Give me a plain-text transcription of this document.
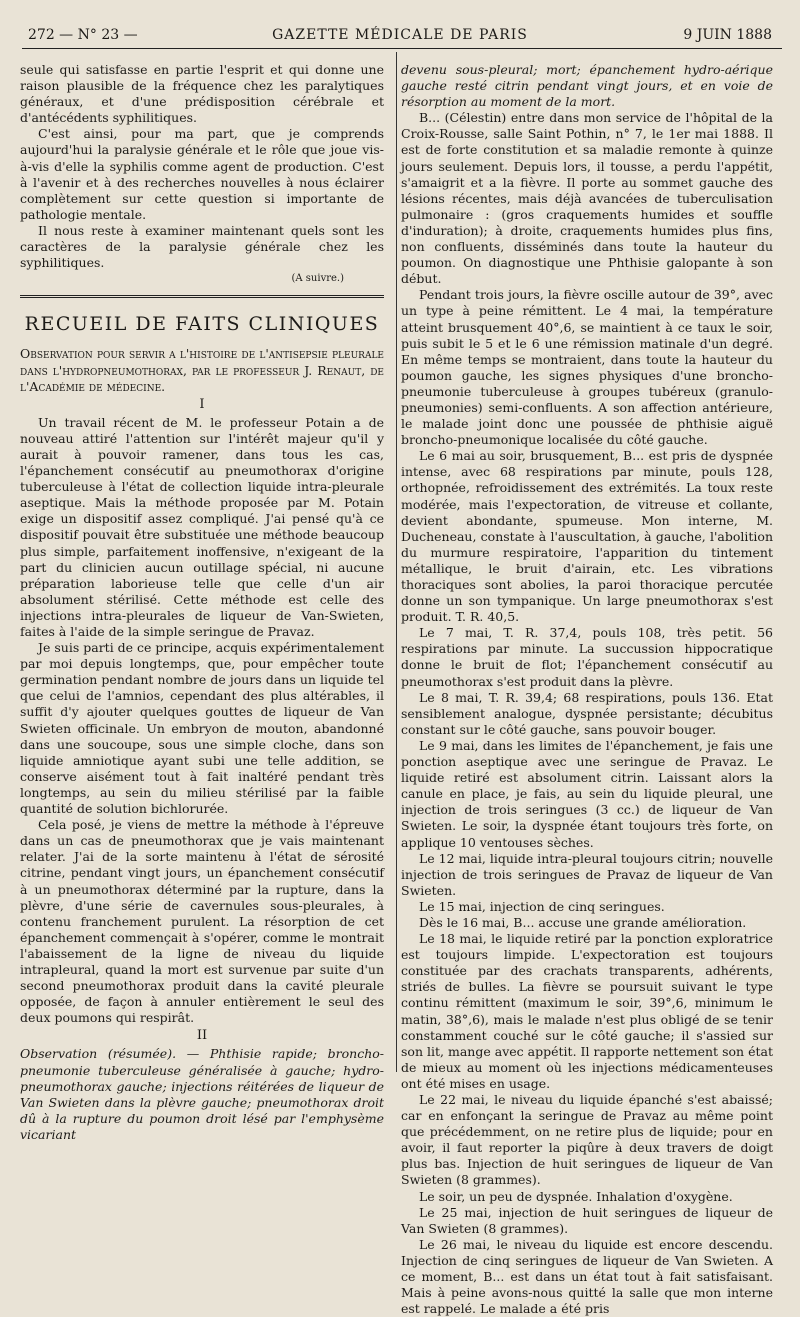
272 — N° 23 —	GAZETTE MÉDICALE DE PARIS	9 JUIN 1888

seule qui satisfasse en partie l'esprit et qui donne une raison plausible de la fréquence chez les paralytiques généraux, et d'une prédisposition cérébrale et d'antécédents syphilitiques.

C'est ainsi, pour ma part, que je comprends aujourd'hui la paralysie générale et le rôle que joue vis-à-vis d'elle la syphilis comme agent de production. C'est à l'avenir et à des recherches nouvelles à nous éclairer complètement sur cette question si importante de pathologie mentale.

Il nous reste à examiner maintenant quels sont les caractères de la paralysie générale chez les syphilitiques.

(A suivre.)

RECUEIL DE FAITS CLINIQUES

Observation pour servir a l'histoire de l'antisepsie pleurale dans l'hydropneumothorax, par le professeur J. Renaut, de l'Académie de médecine.

I

Un travail récent de M. le professeur Potain a de nouveau attiré l'attention sur l'intérêt majeur qu'il y aurait à pouvoir ramener, dans tous les cas, l'épanchement consécutif au pneumothorax d'origine tuberculeuse à l'état de collection liquide intra-pleurale aseptique. Mais la méthode proposée par M. Potain exige un dispositif assez compliqué. J'ai pensé qu'à ce dispositif pouvait être substituée une méthode beaucoup plus simple, parfaitement inoffensive, n'exigeant de la part du clinicien aucun outillage spécial, ni aucune préparation laborieuse telle que celle d'un air absolument stérilisé. Cette méthode est celle des injections intra-pleurales de liqueur de Van-Swieten, faites à l'aide de la simple seringue de Pravaz.

Je suis parti de ce principe, acquis expérimentalement par moi depuis longtemps, que, pour empêcher toute germination pendant nombre de jours dans un liquide tel que celui de l'amnios, cependant des plus altérables, il suffit d'y ajouter quelques gouttes de liqueur de Van Swieten officinale. Un embryon de mouton, abandonné dans une soucoupe, sous une simple cloche, dans son liquide amniotique ayant subi une telle addition, se conserve aisément tout à fait inaltéré pendant très longtemps, au sein du milieu stérilisé par la faible quantité de solution bichlorurée.

Cela posé, je viens de mettre la méthode à l'épreuve dans un cas de pneumothorax que je vais maintenant relater. J'ai de la sorte maintenu à l'état de sérosité citrine, pendant vingt jours, un épanchement consécutif à un pneumothorax déterminé par la rupture, dans la plèvre, d'une série de cavernules sous-pleurales, à contenu franchement purulent. La résorption de cet épanchement commençait à s'opérer, comme le montrait l'abaissement de la ligne de niveau du liquide intrapleural, quand la mort est survenue par suite d'un second pneumothorax produit dans la cavité pleurale opposée, de façon à annuler entièrement le seul des deux poumons qui respirât.

II

Observation (résumée). — Phthisie rapide; broncho-pneumonie tuberculeuse généralisée à gauche; hydro-pneumothorax gauche; injections réitérées de liqueur de Van Swieten dans la plèvre gauche; pneumothorax droit dû à la rupture du poumon droit lésé par l'emphysème vicariant

devenu sous-pleural; mort; épanchement hydro-aérique gauche resté citrin pendant vingt jours, et en voie de résorption au moment de la mort.

B... (Célestin) entre dans mon service de l'hôpital de la Croix-Rousse, salle Saint Pothin, n° 7, le 1er mai 1888. Il est de forte constitution et sa maladie remonte à quinze jours seulement. Depuis lors, il tousse, a perdu l'appétit, s'amaigrit et a la fièvre. Il porte au sommet gauche des lésions récentes, mais déjà avancées de tuberculisation pulmonaire : (gros craquements humides et souffle d'induration); à droite, craquements humides plus fins, non confluents, disséminés dans toute la hauteur du poumon. On diagnostique une Phthisie galopante à son début.

Pendant trois jours, la fièvre oscille autour de 39°, avec un type à peine rémittent. Le 4 mai, la température atteint brusquement 40°,6, se maintient à ce taux le soir, puis subit le 5 et le 6 une rémission matinale d'un degré. En même temps se montraient, dans toute la hauteur du poumon gauche, les signes physiques d'une broncho-pneumonie tuberculeuse à groupes tubéreux (granulo-pneumonies) semi-confluents. A son affection antérieure, le malade joint donc une poussée de phthisie aiguë broncho-pneumonique localisée du côté gauche.

Le 6 mai au soir, brusquement, B... est pris de dyspnée intense, avec 68 respirations par minute, pouls 128, orthopnée, refroidissement des extrémités. La toux reste modérée, mais l'expectoration, de vitreuse et collante, devient abondante, spumeuse. Mon interne, M. Ducheneau, constate à l'auscultation, à gauche, l'abolition du murmure respiratoire, l'apparition du tintement métallique, le bruit d'airain, etc. Les vibrations thoraciques sont abolies, la paroi thoracique percutée donne un son tympanique. Un large pneumothorax s'est produit. T. R. 40,5.

Le 7 mai, T. R. 37,4, pouls 108, très petit. 56 respirations par minute. La succussion hippocratique donne le bruit de flot; l'épanchement consécutif au pneumothorax s'est produit dans la plèvre.

Le 8 mai, T. R. 39,4; 68 respirations, pouls 136. Etat sensiblement analogue, dyspnée persistante; décubitus constant sur le côté gauche, sans pouvoir bouger.

Le 9 mai, dans les limites de l'épanchement, je fais une ponction aseptique avec une seringue de Pravaz. Le liquide retiré est absolument citrin. Laissant alors la canule en place, je fais, au sein du liquide pleural, une injection de trois seringues (3 cc.) de liqueur de Van Swieten. Le soir, la dyspnée étant toujours très forte, on applique 10 ventouses sèches.

Le 12 mai, liquide intra-pleural toujours citrin; nouvelle injection de trois seringues de Pravaz de liqueur de Van Swieten.

Le 15 mai, injection de cinq seringues.

Dès le 16 mai, B... accuse une grande amélioration.

Le 18 mai, le liquide retiré par la ponction exploratrice est toujours limpide. L'expectoration est toujours constituée par des crachats transparents, adhérents, striés de bulles. La fièvre se poursuit suivant le type continu rémittent (maximum le soir, 39°,6, minimum le matin, 38°,6), mais le malade n'est plus obligé de se tenir constamment couché sur le côté gauche; il s'assied sur son lit, mange avec appétit. Il rapporte nettement son état de mieux au moment où les injections médicamenteuses ont été mises en usage.

Le 22 mai, le niveau du liquide épanché s'est abaissé; car en enfonçant la seringue de Pravaz au même point que précédemment, on ne retire plus de liquide; pour en avoir, il faut reporter la piqûre à deux travers de doigt plus bas. Injection de huit seringues de liqueur de Van Swieten (8 grammes).

Le soir, un peu de dyspnée. Inhalation d'oxygène.

Le 25 mai, injection de huit seringues de liqueur de Van Swieten (8 grammes).

Le 26 mai, le niveau du liquide est encore descendu. Injection de cinq seringues de liqueur de Van Swieten. A ce moment, B... est dans un état tout à fait satisfaisant. Mais à peine avons-nous quitté la salle que mon interne est rappelé. Le malade a été pris
